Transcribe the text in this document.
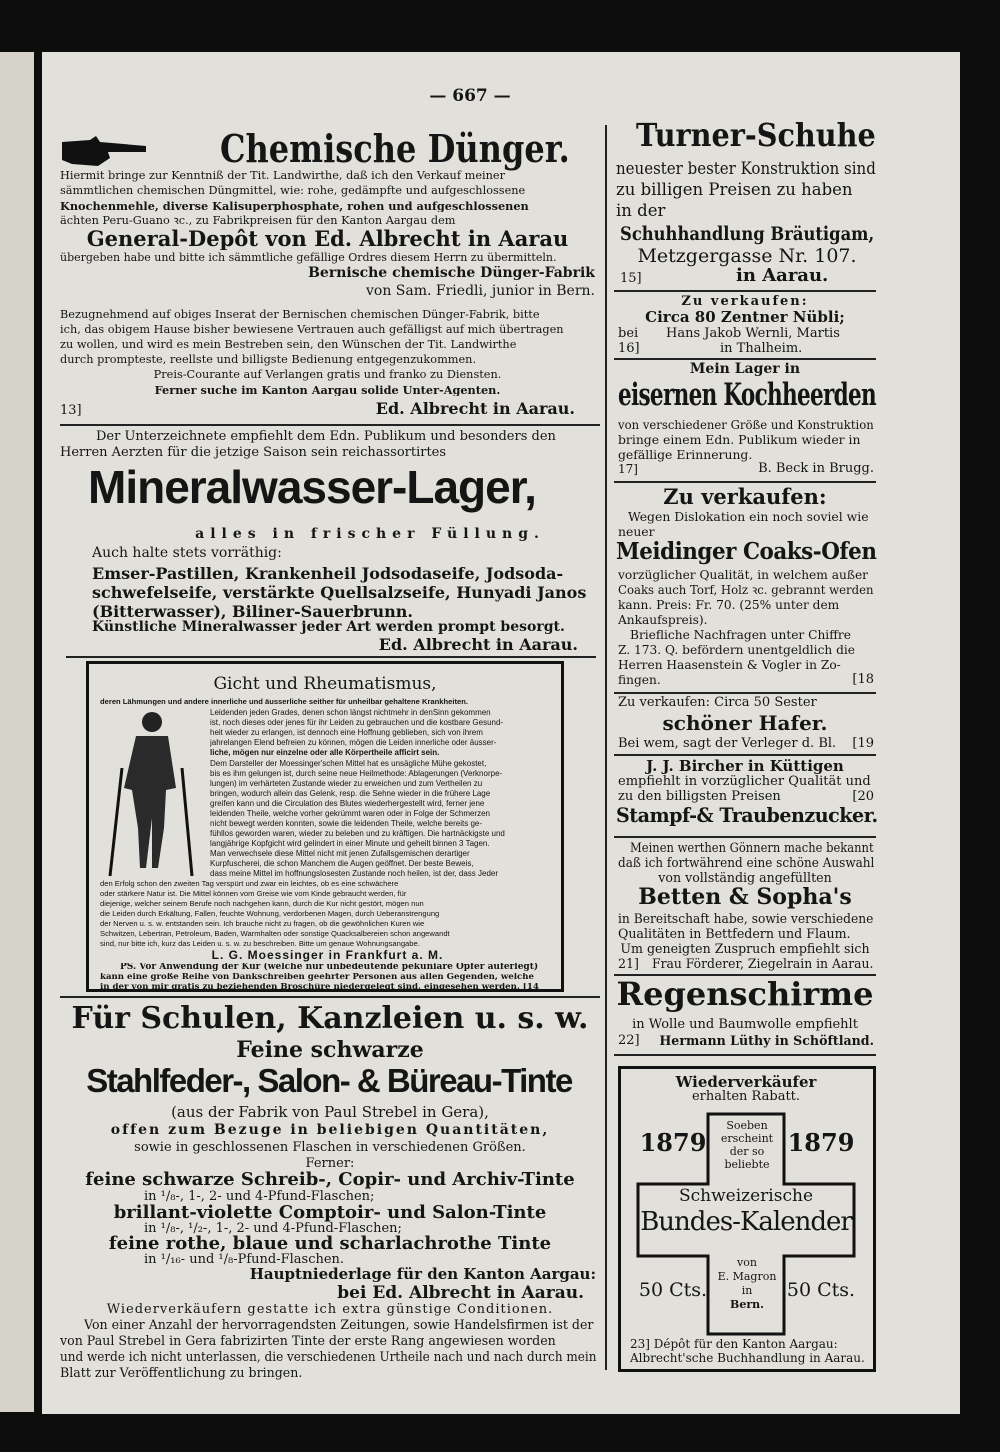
— 667 —
Chemische Dünger.
Hiermit bringe zur Kenntniß der Tit. Landwirthe, daß ich den Verkauf meiner
sämmtlichen chemischen Düngmittel, wie: rohe, gedämpfte und aufgeschlossene
Knochenmehle, diverse Kalisuperphosphate, rohen und aufgeschlossenen
ächten Peru-Guano ꝛc., zu Fabrikpreisen für den Kanton Aargau dem
General-Depôt von Ed. Albrecht in Aarau
übergeben habe und bitte ich sämmtliche gefällige Ordres diesem Herrn zu übermitteln.
Bernische chemische Dünger-Fabrik
von Sam. Friedli, junior in Bern.
Bezugnehmend auf obiges Inserat der Bernischen chemischen Dünger-Fabrik, bitte
ich, das obigem Hause bisher bewiesene Vertrauen auch gefälligst auf mich übertragen
zu wollen, und wird es mein Bestreben sein, den Wünschen der Tit. Landwirthe
durch prompteste, reellste und billigste Bedienung entgegenzukommen.
Preis-Courante auf Verlangen gratis und franko zu Diensten.
Ferner suche im Kanton Aargau solide Unter-Agenten.
13]	Ed. Albrecht in Aarau.
Der Unterzeichnete empfiehlt dem Edn. Publikum und besonders den
Herren Aerzten für die jetzige Saison sein reichassortirtes
Mineralwasser-Lager,
alles in frischer Füllung.
Auch halte stets vorräthig:
Emser-Pastillen, Krankenheil Jodsodaseife, Jodsoda-
schwefelseife, verstärkte Quellsalzseife, Hunyadi Janos
(Bitterwasser), Biliner-Sauerbrunn.
Künstliche Mineralwasser jeder Art werden prompt besorgt.
Ed. Albrecht in Aarau.
Gicht und Rheumatismus,
deren Lähmungen und andere innerliche und äusserliche seither für unheilbar gehaltene Krankheiten.
Leidenden jeden Grades, denen schon längst nichtmehr in denSinn gekommen
ist, noch dieses oder jenes für ihr Leiden zu gebrauchen und die kostbare Gesund-
heit wieder zu erlangen, ist dennoch eine Hoffnung geblieben, sich von ihrem
jahrelangen Elend befreien zu können, mögen die Leiden innerliche oder äusser-
liche, mögen nur einzelne oder alle Körpertheile afficirt sein.
Dem Darsteller der Moessinger'schen Mittel hat es unsägliche Mühe gekostet,
bis es ihm gelungen ist, durch seine neue Heilmethode: Ablagerungen (Verknorpe-
lungen) im verhärteten Zustande wieder zu erweichen und zum Vertheilen zu
bringen, wodurch allein das Gelenk, resp. die Sehne wieder in die frühere Lage
greifen kann und die Circulation des Blutes wiederhergestellt wird, ferner jene
leidenden Theile, welche vorher gekrümmt waren oder in Folge der Schmerzen
nicht bewegt werden konnten, sowie die leidenden Theile, welche bereits ge-
fühllos geworden waren, wieder zu beleben und zu kräftigen. Die hartnäckigste und
langjährige Kopfgicht wird gelindert in einer Minute und geheilt binnen 3 Tagen.
Man verwechsele diese Mittel nicht mit jenen Zufallsgemischen derartiger
Kurpfuscherei, die schon Manchem die Augen geöffnet. Der beste Beweis,
dass meine Mittel im hoffnungslosesten Zustande noch heilen, ist der, dass Jeder
den Erfolg schon den zweiten Tag verspürt und zwar ein leichtes, ob es eine schwächere
oder stärkere Natur ist. Die Mittel können vom Greise wie vom Kinde gebraucht werden, für
diejenige, welcher seinem Berufe noch nachgehen kann, durch die Kur nicht gestört, mögen nun
die Leiden durch Erkältung, Fallen, feuchte Wohnung, verdorbenen Magen, durch Ueberanstrengung
der Nerven u. s. w. entstanden sein. Ich brauche nicht zu fragen, ob die gewöhnlichen Kuren wie
Schwitzen, Lebertran, Petroleum, Baden, Warmhalten oder sonstige Quacksalbereien schon angewandt
sind, nur bitte ich, kurz das Leiden u. s. w. zu beschreiben. Bitte um genaue Wohnungsangabe.
L. G. Moessinger in Frankfurt a. M.
PS. Vor Anwendung der Kur (welche nur unbedeutende pekuniäre Opfer auferlegt)
kann eine große Reihe von Dankschreiben geehrter Personen aus allen Gegenden, welche
in der von mir gratis zu beziehenden Broschüre niedergelegt sind, eingesehen werden. [14
Für Schulen, Kanzleien u. s. w.
Feine schwarze
Stahlfeder-, Salon- & Büreau-Tinte
(aus der Fabrik von Paul Strebel in Gera),
offen zum Bezuge in beliebigen Quantitäten,
sowie in geschlossenen Flaschen in verschiedenen Größen.
Ferner:
feine schwarze Schreib-, Copir- und Archiv-Tinte
in ¹/₈-, 1-, 2- und 4-Pfund-Flaschen;
brillant-violette Comptoir- und Salon-Tinte
in ¹/₈-, ¹/₂-, 1-, 2- und 4-Pfund-Flaschen;
feine rothe, blaue und scharlachrothe Tinte
in ¹/₁₆- und ¹/₈-Pfund-Flaschen.
Hauptniederlage für den Kanton Aargau:
bei Ed. Albrecht in Aarau.
Wiederverkäufern gestatte ich extra günstige Conditionen.
Von einer Anzahl der hervorragendsten Zeitungen, sowie Handelsfirmen ist der
von Paul Strebel in Gera fabrizirten Tinte der erste Rang angewiesen worden
und werde ich nicht unterlassen, die verschiedenen Urtheile nach und nach durch mein
Blatt zur Veröffentlichung zu bringen.
Turner-Schuhe
neuester bester Konstruktion sind
zu billigen Preisen zu haben
in der
Schuhhandlung Bräutigam,
Metzgergasse Nr. 107.
15]	in Aarau.
Zu verkaufen:
Circa 80 Zentner Nübli;
bei	Hans Jakob Wernli, Martis
16]	in Thalheim.
Mein Lager in
eisernen Kochheerden
von verschiedener Größe und Konstruktion
bringe einem Edn. Publikum wieder in
gefällige Erinnerung.
17]	B. Beck in Brugg.
Zu verkaufen:
Wegen Dislokation ein noch soviel wie
neuer
Meidinger Coaks-Ofen
vorzüglicher Qualität, in welchem außer
Coaks auch Torf, Holz ꝛc. gebrannt werden
kann. Preis: Fr. 70. (25% unter dem
Ankaufspreis).
Briefliche Nachfragen unter Chiffre
Z. 173. Q. befördern unentgeldlich die
Herren Haasenstein & Vogler in Zo-
fingen.	[18
Zu verkaufen: Circa 50 Sester
schöner Hafer.
Bei wem, sagt der Verleger d. Bl.	[19
J. J. Bircher in Küttigen
empfiehlt in vorzüglicher Qualität und
zu den billigsten Preisen	[20
Stampf-& Traubenzucker.
Meinen werthen Gönnern mache bekannt
daß ich fortwährend eine schöne Auswahl
von vollständig angefüllten
Betten & Sopha's
in Bereitschaft habe, sowie verschiedene
Qualitäten in Bettfedern und Flaum.
Um geneigten Zuspruch empfiehlt sich
21]	Frau Förderer, Ziegelrain in Aarau.
Regenschirme
in Wolle und Baumwolle empfiehlt
22]	Hermann Lüthy in Schöftland.
Wiederverkäufer
erhalten Rabatt.
1879	1879
Soeben
erscheint
der so
beliebte
Schweizerische
Bundes-Kalender
von
E. Magron
in
Bern.
50 Cts.	50 Cts.
23] Dépôt für den Kanton Aargau:
Albrecht'sche Buchhandlung in Aarau.
